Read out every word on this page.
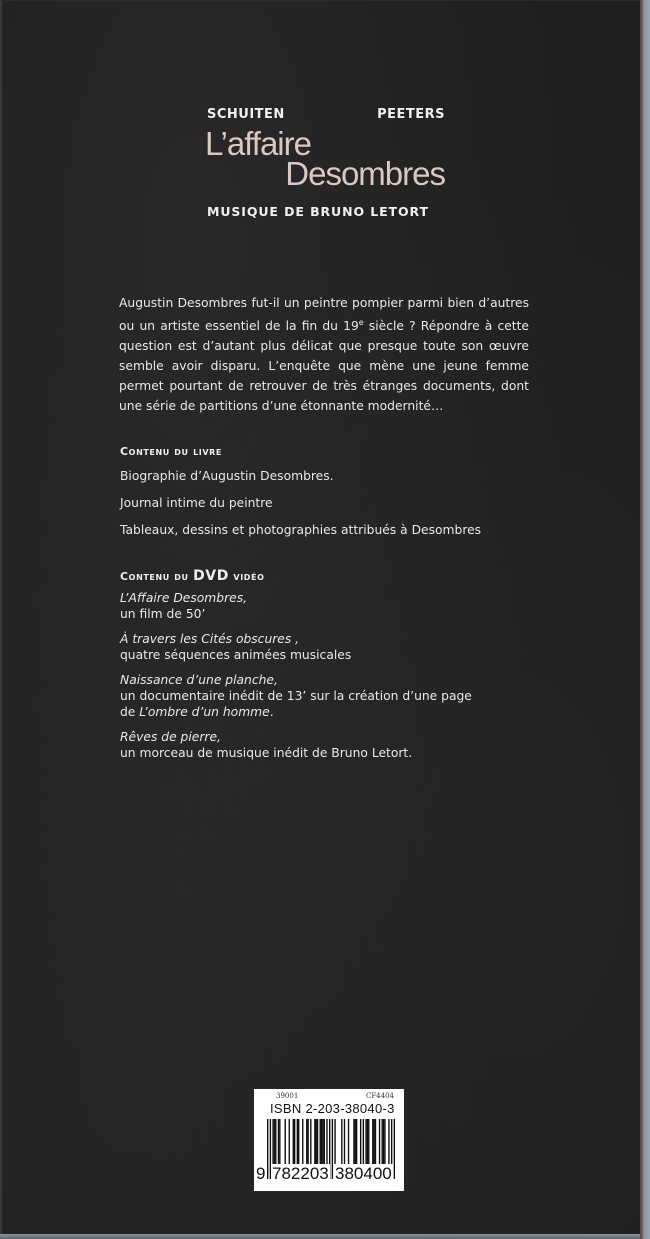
SCHUITEN	PEETERS
L’affaire
Desombres
MUSIQUE DE BRUNO LETORT
Augustin Desombres fut-il un peintre pompier parmi bien d’autres ou un artiste essentiel de la fin du 19e siècle ? Répondre à cette question est d’autant plus délicat que presque toute son œuvre semble avoir disparu. L’enquête que mène une jeune femme permet pourtant de retrouver de très étranges documents, dont une série de partitions d’une étonnante modernité…
Contenu du livre
Biographie d’Augustin Desombres.
Journal intime du peintre
Tableaux, dessins et photographies attribués à Desombres
Contenu du DVD vidéo
L’Affaire Desombres,
un film de 50’
À travers les Cités obscures ,
quatre séquences animées musicales
Naissance d’une planche,
un documentaire inédit de 13’ sur la création d’une page
de L’ombre d’un homme.
Rêves de pierre,
un morceau de musique inédit de Bruno Letort.
39001	CF4404
ISBN 2-203-38040-3
9 782203 380400
